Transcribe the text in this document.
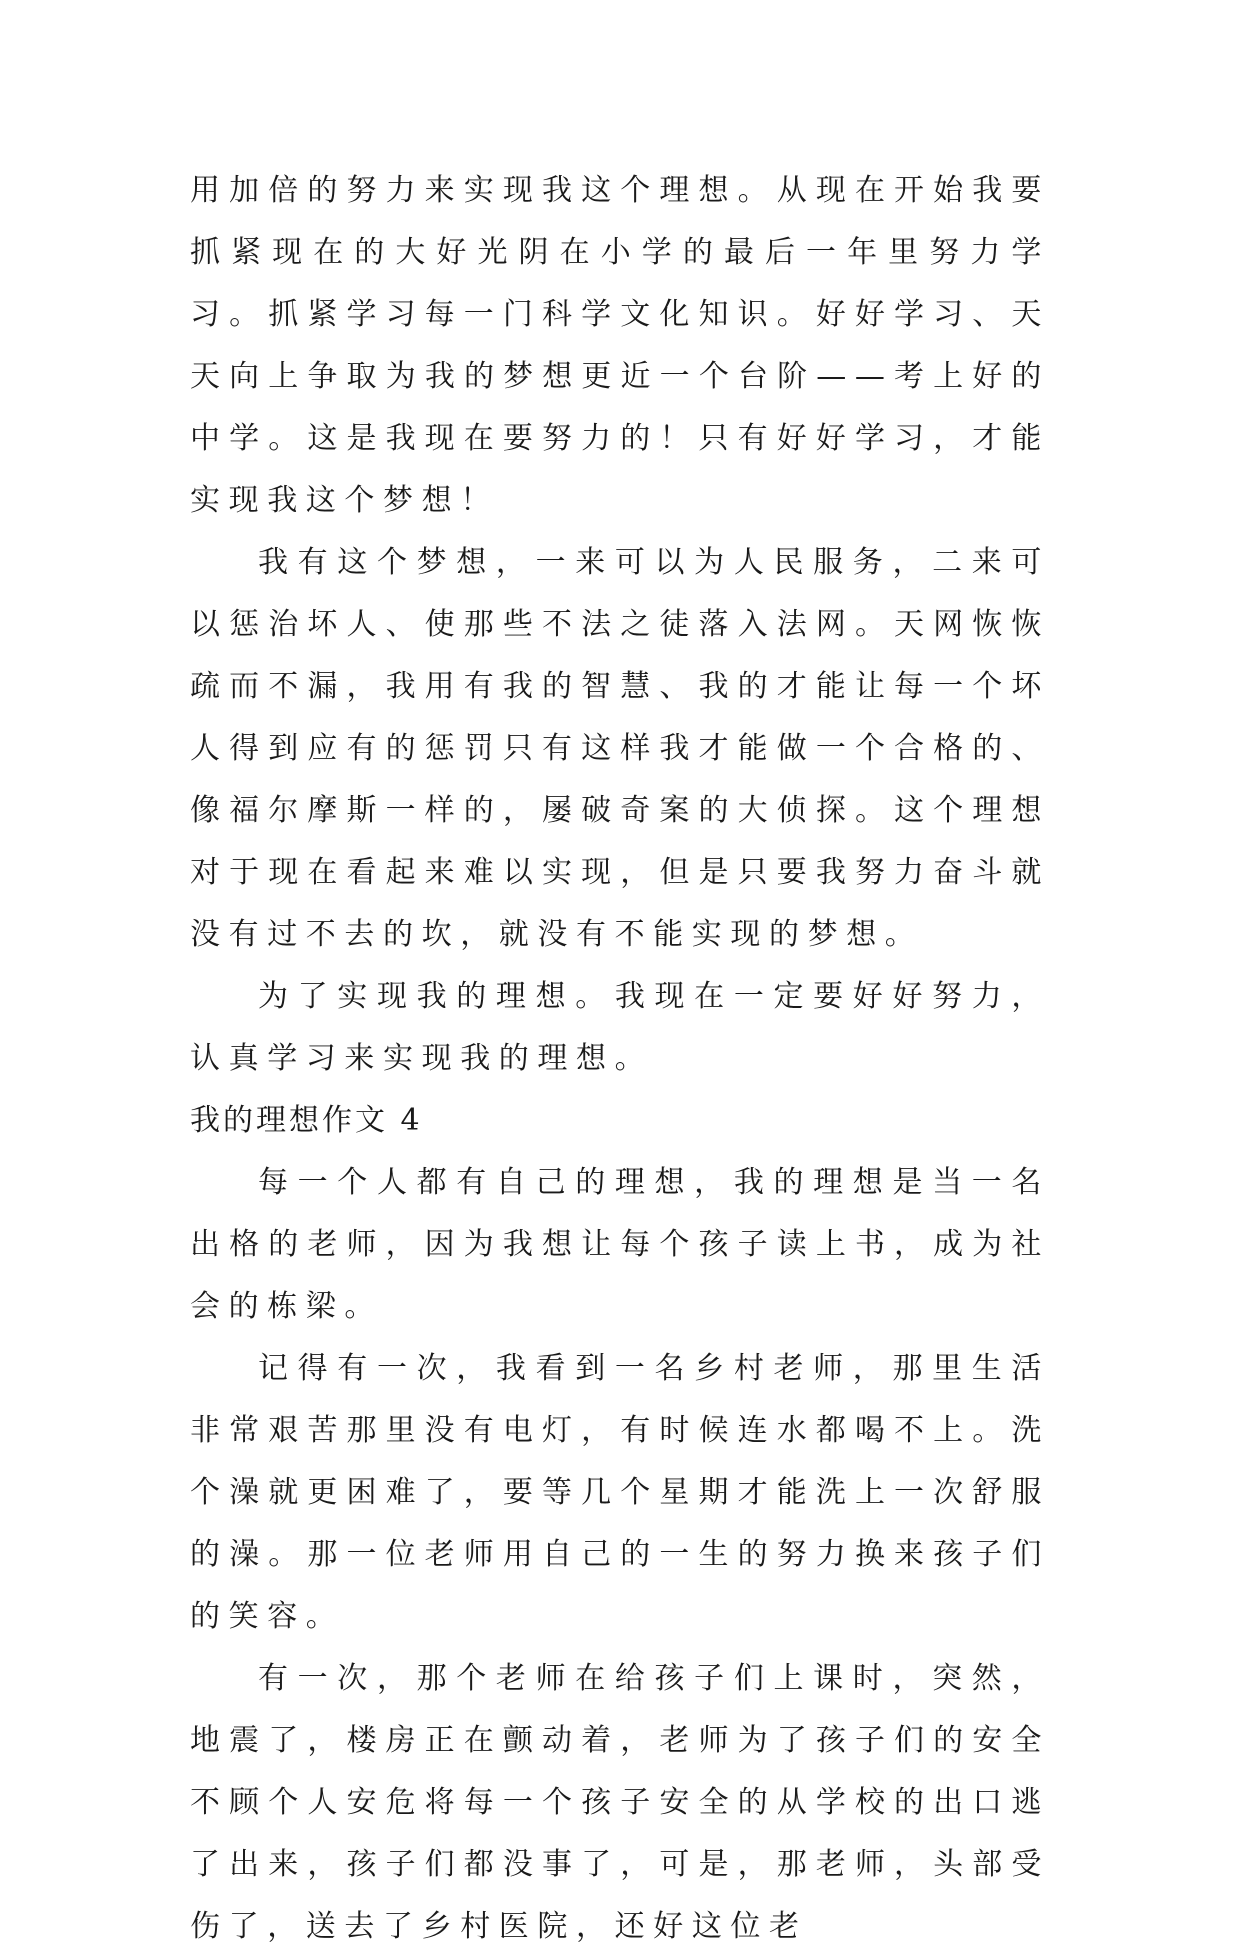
用加倍的努力来实现我这个理想。从现在开始我要抓紧现在的大好光阴在小学的最后一年里努力学习。抓紧学习每一门科学文化知识。好好学习、天天向上争取为我的梦想更近一个台阶——考上好的中学。这是我现在要努力的！只有好好学习，才能实现我这个梦想！

我有这个梦想，一来可以为人民服务，二来可以惩治坏人、使那些不法之徒落入法网。天网恢恢疏而不漏，我用有我的智慧、我的才能让每一个坏人得到应有的惩罚只有这样我才能做一个合格的、像福尔摩斯一样的，屡破奇案的大侦探。这个理想对于现在看起来难以实现，但是只要我努力奋斗就没有过不去的坎，就没有不能实现的梦想。

为了实现我的理想。我现在一定要好好努力，认真学习来实现我的理想。

我的理想作文 4

每一个人都有自己的理想，我的理想是当一名出格的老师，因为我想让每个孩子读上书，成为社会的栋梁。

记得有一次，我看到一名乡村老师，那里生活非常艰苦那里没有电灯，有时候连水都喝不上。洗个澡就更困难了，要等几个星期才能洗上一次舒服的澡。那一位老师用自己的一生的努力换来孩子们的笑容。

有一次，那个老师在给孩子们上课时，突然，地震了，楼房正在颤动着，老师为了孩子们的安全不顾个人安危将每一个孩子安全的从学校的出口逃了出来，孩子们都没事了，可是，那老师，头部受伤了，送去了乡村医院，还好这位老
